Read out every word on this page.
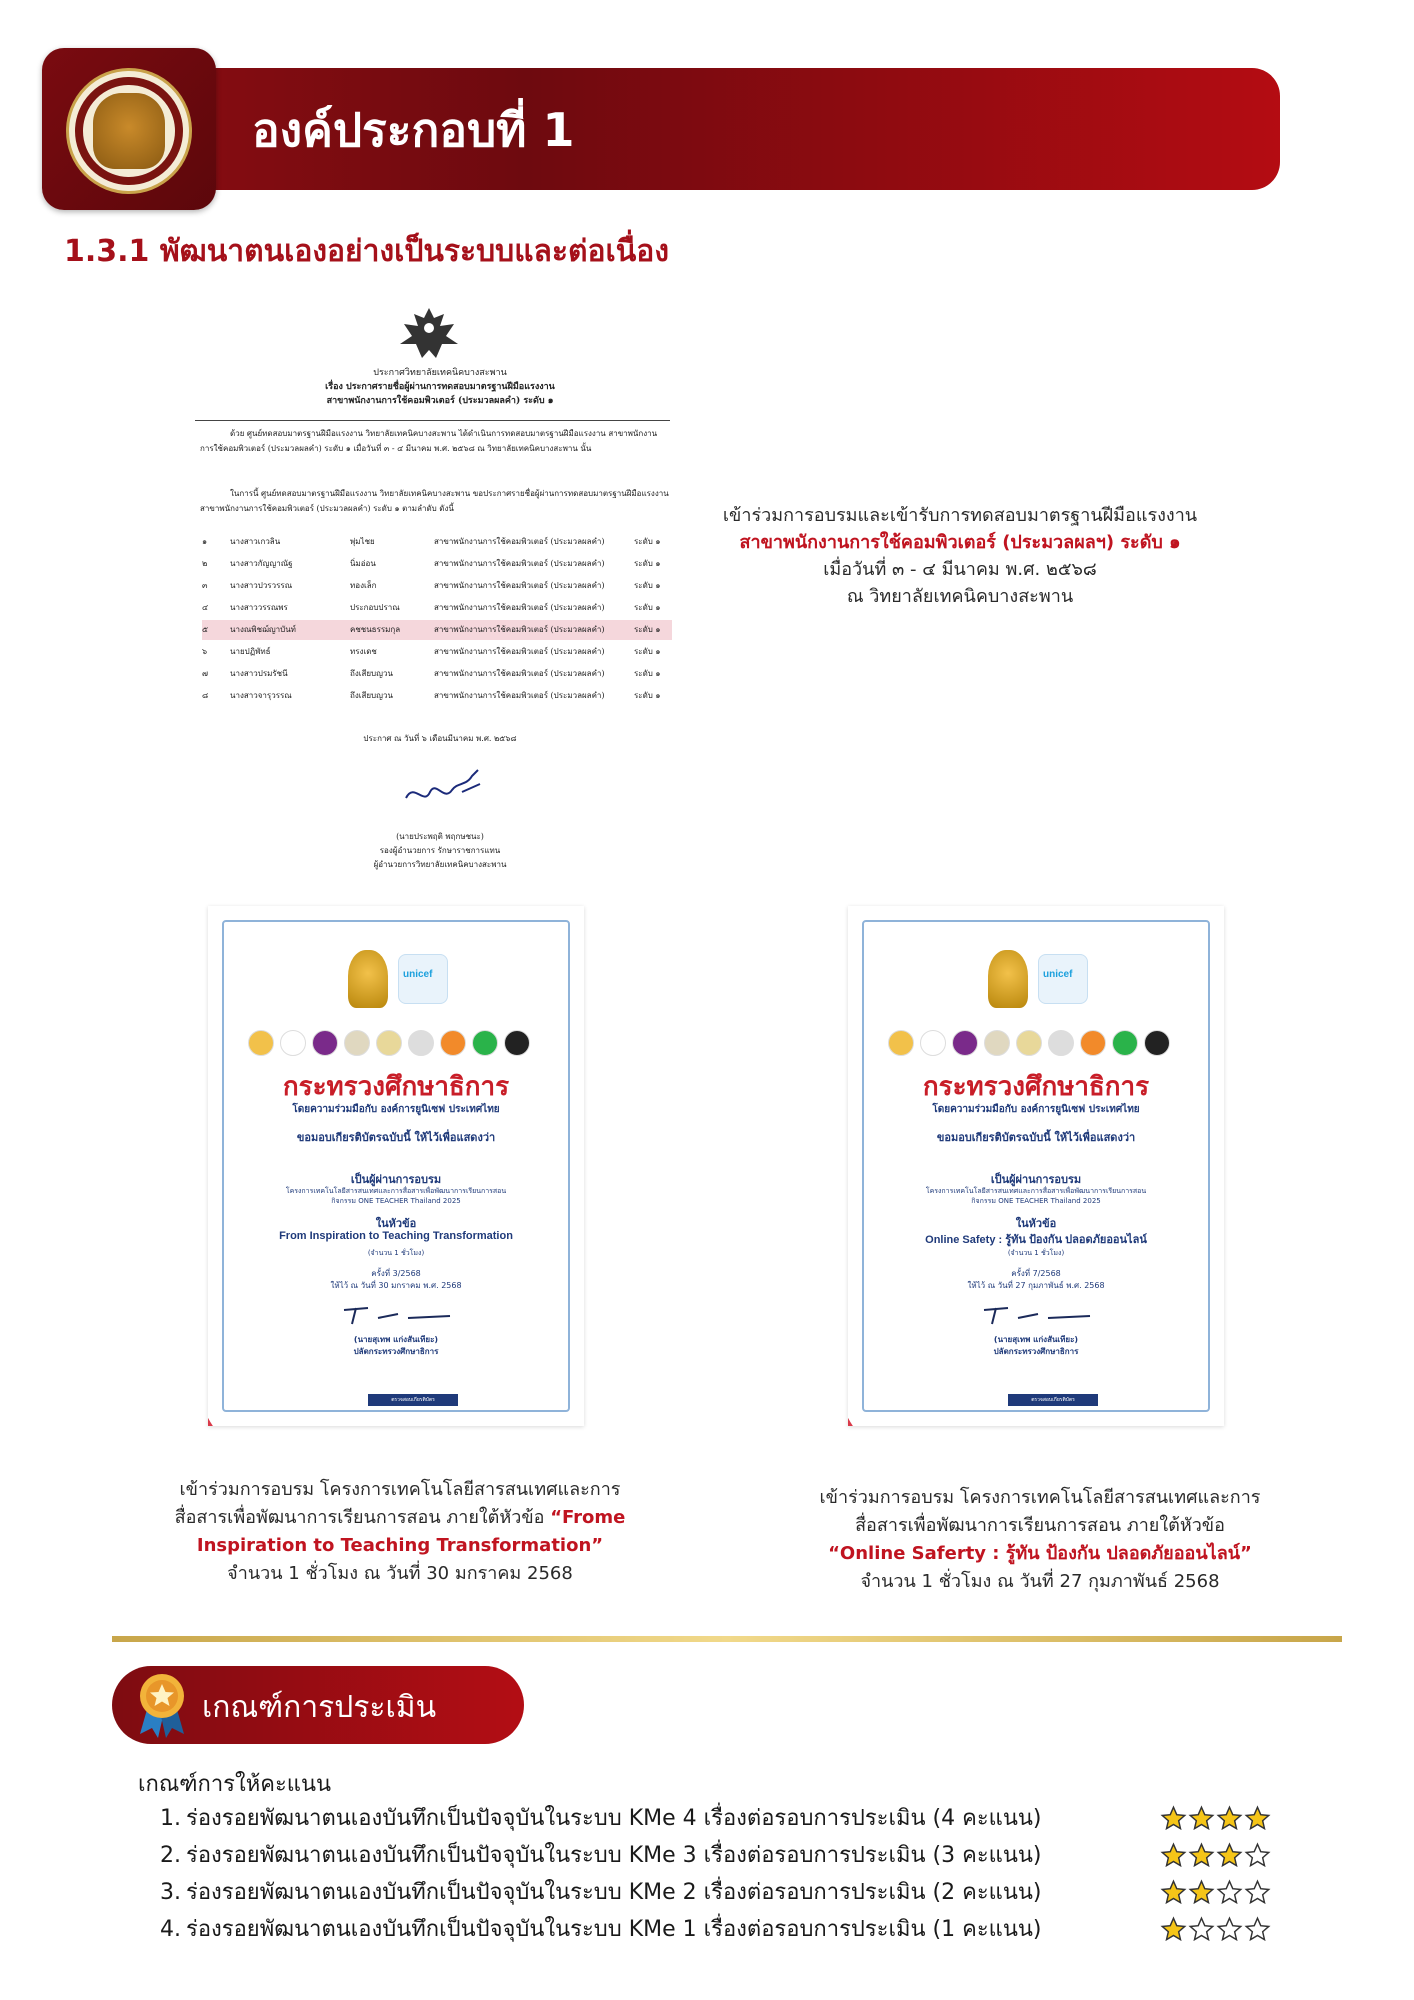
องค์ประกอบที่ 1
1.3.1 พัฒนาตนเองอย่างเป็นระบบและต่อเนื่อง
ประกาศวิทยาลัยเทคนิคบางสะพาน
เรื่อง ประกาศรายชื่อผู้ผ่านการทดสอบมาตรฐานฝีมือแรงงาน
สาขาพนักงานการใช้คอมพิวเตอร์ (ประมวลผลคำ) ระดับ ๑
ด้วย ศูนย์ทดสอบมาตรฐานฝีมือแรงงาน วิทยาลัยเทคนิคบางสะพาน ได้ดำเนินการทดสอบมาตรฐานฝีมือแรงงาน สาขาพนักงานการใช้คอมพิวเตอร์ (ประมวลผลคำ) ระดับ ๑ เมื่อวันที่ ๓ - ๔ มีนาคม พ.ศ. ๒๕๖๘ ณ วิทยาลัยเทคนิคบางสะพาน นั้น
ในการนี้ ศูนย์ทดสอบมาตรฐานฝีมือแรงงาน วิทยาลัยเทคนิคบางสะพาน ขอประกาศรายชื่อผู้ผ่านการทดสอบมาตรฐานฝีมือแรงงาน สาขาพนักงานการใช้คอมพิวเตอร์ (ประมวลผลคำ) ระดับ ๑ ตามลำดับ ดังนี้
๑	นางสาวเกวลิน	พุ่มไชย	สาขาพนักงานการใช้คอมพิวเตอร์ (ประมวลผลคำ)	ระดับ ๑
๒	นางสาวกัญญาณัฐ	นิ่มอ่อน	สาขาพนักงานการใช้คอมพิวเตอร์ (ประมวลผลคำ)	ระดับ ๑
๓	นางสาวปวรวรรณ	ทองเล็ก	สาขาพนักงานการใช้คอมพิวเตอร์ (ประมวลผลคำ)	ระดับ ๑
๔	นางสาววรรณพร	ประกอบปราณ	สาขาพนักงานการใช้คอมพิวเตอร์ (ประมวลผลคำ)	ระดับ ๑
๕	นางณพิชฌ์ญาบันท์	คชชนธรรมกุล	สาขาพนักงานการใช้คอมพิวเตอร์ (ประมวลผลคำ)	ระดับ ๑
๖	นายปฏิพัทธ์	ทรงเดช	สาขาพนักงานการใช้คอมพิวเตอร์ (ประมวลผลคำ)	ระดับ ๑
๗	นางสาวปรมรัชนี	ถึงเสียบญวน	สาขาพนักงานการใช้คอมพิวเตอร์ (ประมวลผลคำ)	ระดับ ๑
๘	นางสาวจารุวรรณ	ถึงเสียบญวน	สาขาพนักงานการใช้คอมพิวเตอร์ (ประมวลผลคำ)	ระดับ ๑
ประกาศ ณ วันที่ ๖ เดือนมีนาคม พ.ศ. ๒๕๖๘
(นายประพฤติ พฤกษชนะ)
รองผู้อำนวยการ รักษาราชการแทน
ผู้อำนวยการวิทยาลัยเทคนิคบางสะพาน
เข้าร่วมการอบรมและเข้ารับการทดสอบมาตรฐานฝีมือแรงงาน
สาขาพนักงานการใช้คอมพิวเตอร์ (ประมวลผลฯ) ระดับ ๑
เมื่อวันที่ ๓ - ๔ มีนาคม พ.ศ. ๒๕๖๘
ณ วิทยาลัยเทคนิคบางสะพาน
unicef
กระทรวงศึกษาธิการ
โดยความร่วมมือกับ องค์การยูนิเซฟ ประเทศไทย
ขอมอบเกียรติบัตรฉบับนี้ ให้ไว้เพื่อแสดงว่า
เป็นผู้ผ่านการอบรม
โครงการเทคโนโลยีสารสนเทศและการสื่อสารเพื่อพัฒนาการเรียนการสอน
กิจกรรม ONE TEACHER Thailand 2025
ในหัวข้อ
From Inspiration to Teaching Transformation
(จำนวน 1 ชั่วโมง)
ครั้งที่ 3/2568
ให้ไว้ ณ วันที่ 30 มกราคม พ.ศ. 2568
(นายสุเทพ แก่งสันเทียะ)
ปลัดกระทรวงศึกษาธิการ
ตรวจสอบเกียรติบัตร
เข้าร่วมการอบรม โครงการเทคโนโลยีสารสนเทศและการ
สื่อสารเพื่อพัฒนาการเรียนการสอน ภายใต้หัวข้อ “Frome
Inspiration to Teaching Transformation”
จำนวน 1 ชั่วโมง ณ วันที่ 30 มกราคม 2568
unicef
กระทรวงศึกษาธิการ
โดยความร่วมมือกับ องค์การยูนิเซฟ ประเทศไทย
ขอมอบเกียรติบัตรฉบับนี้ ให้ไว้เพื่อแสดงว่า
เป็นผู้ผ่านการอบรม
โครงการเทคโนโลยีสารสนเทศและการสื่อสารเพื่อพัฒนาการเรียนการสอน
กิจกรรม ONE TEACHER Thailand 2025
ในหัวข้อ
Online Safety : รู้ทัน ป้องกัน ปลอดภัยออนไลน์
(จำนวน 1 ชั่วโมง)
ครั้งที่ 7/2568
ให้ไว้ ณ วันที่ 27 กุมภาพันธ์ พ.ศ. 2568
(นายสุเทพ แก่งสันเทียะ)
ปลัดกระทรวงศึกษาธิการ
ตรวจสอบเกียรติบัตร
เข้าร่วมการอบรม โครงการเทคโนโลยีสารสนเทศและการ
สื่อสารเพื่อพัฒนาการเรียนการสอน ภายใต้หัวข้อ
“Online Saferty : รู้ทัน ป้องกัน ปลอดภัยออนไลน์”
จำนวน 1 ชั่วโมง ณ วันที่ 27 กุมภาพันธ์ 2568
เกณฑ์การประเมิน
เกณฑ์การให้คะแนน
1. ร่องรอยพัฒนาตนเองบันทึกเป็นปัจจุบันในระบบ KMe 4 เรื่องต่อรอบการประเมิน (4 คะแนน)
2. ร่องรอยพัฒนาตนเองบันทึกเป็นปัจจุบันในระบบ KMe 3 เรื่องต่อรอบการประเมิน (3 คะแนน)
3. ร่องรอยพัฒนาตนเองบันทึกเป็นปัจจุบันในระบบ KMe 2 เรื่องต่อรอบการประเมิน (2 คะแนน)
4. ร่องรอยพัฒนาตนเองบันทึกเป็นปัจจุบันในระบบ KMe 1 เรื่องต่อรอบการประเมิน (1 คะแนน)
